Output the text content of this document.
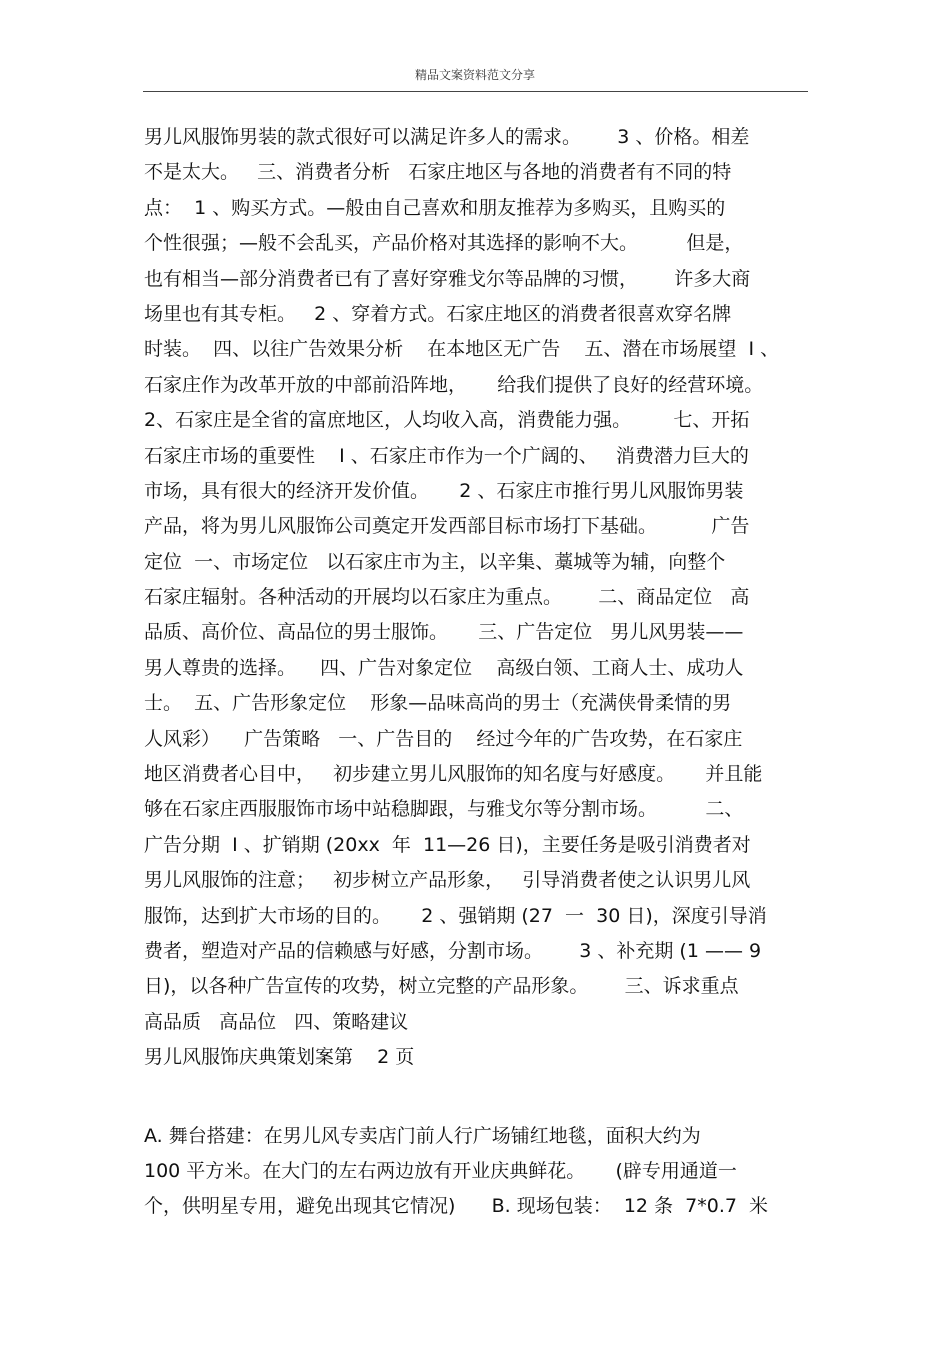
精品文案资料范文分享
男儿风服饰男装的款式很好可以满足许多人的需求。      3 、价格。相差
不是太大。   三、消费者分析   石家庄地区与各地的消费者有不同的特
点：  1 、购买方式。—般由自己喜欢和朋友推荐为多购买，且购买的
个性很强；—般不会乱买，产品价格对其选择的影响不大。        但是，
也有相当—部分消费者已有了喜好穿雅戈尔等品牌的习惯，      许多大商
场里也有其专柜。   2 、穿着方式。石家庄地区的消费者很喜欢穿名牌
时装。  四、以往广告效果分析    在本地区无广告    五、潜在市场展望  I 、
石家庄作为改革开放的中部前沿阵地，     给我们提供了良好的经营环境。
2、石家庄是全省的富庶地区，人均收入高，消费能力强。       七、开拓
石家庄市场的重要性    I 、石家庄市作为一个广阔的、   消费潜力巨大的
市场，具有很大的经济开发价值。     2 、石家庄市推行男儿风服饰男装
产品，将为男儿风服饰公司奠定开发西部目标市场打下基础。         广告
定位  一、市场定位   以石家庄市为主，以辛集、藁城等为辅，向整个
石家庄辐射。各种活动的开展均以石家庄为重点。      二、商品定位   高
品质、高价位、高品位的男士服饰。     三、广告定位   男儿风男装——
男人尊贵的选择。    四、广告对象定位    高级白领、工商人士、成功人
士。  五、广告形象定位    形象—品味高尚的男士（充满侠骨柔情的男
人风彩）    广告策略   一、广告目的    经过今年的广告攻势，在石家庄
地区消费者心目中，   初步建立男儿风服饰的知名度与好感度。     并且能
够在石家庄西服服饰市场中站稳脚跟，与雅戈尔等分割市场。        二、
广告分期  I 、扩销期 (20xx  年  11—26 日)，主要任务是吸引消费者对
男儿风服饰的注意；   初步树立产品形象，   引导消费者使之认识男儿风
服饰，达到扩大市场的目的。     2 、强销期 (27  一  30 日)，深度引导消
费者，塑造对产品的信赖感与好感，分割市场。      3 、补充期 (1 —— 9
日)，以各种广告宣传的攻势，树立完整的产品形象。      三、诉求重点
高品质   高品位   四、策略建议
男儿风服饰庆典策划案第    2 页
A. 舞台搭建：在男儿风专卖店门前人行广场铺红地毯，面积大约为
100 平方米。在大门的左右两边放有开业庆典鲜花。     (辟专用通道一
个，供明星专用，避免出现其它情况)      B. 现场包装：  12 条  7*0.7  米
